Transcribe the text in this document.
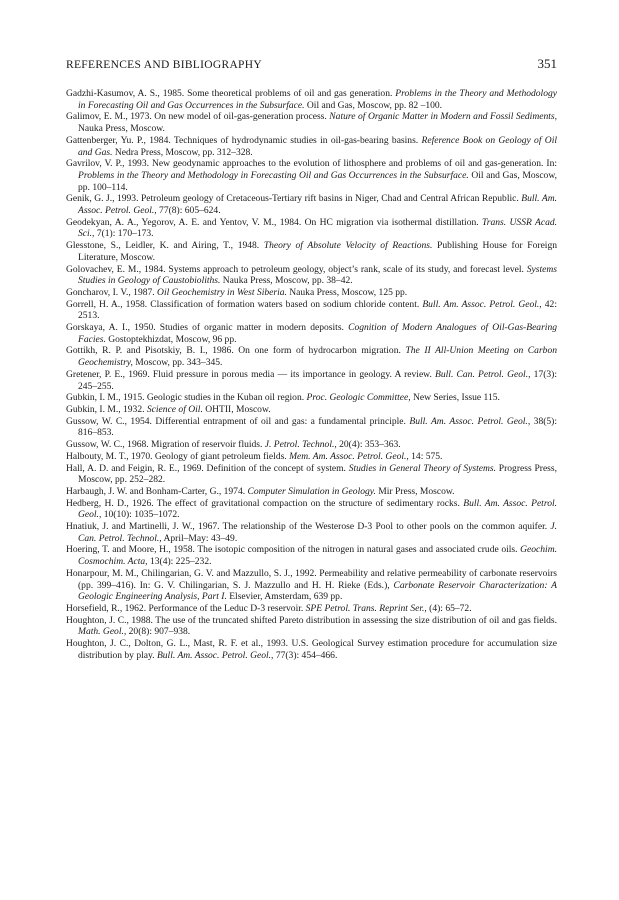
REFERENCES AND BIBLIOGRAPHY	351

Gadzhi-Kasumov, A. S., 1985. Some theoretical problems of oil and gas generation. Problems in the Theory and Methodology in Forecasting Oil and Gas Occurrences in the Subsurface. Oil and Gas, Moscow, pp. 82 –100.

Galimov, E. M., 1973. On new model of oil-gas-generation process. Nature of Organic Matter in Modern and Fossil Sediments, Nauka Press, Moscow.

Gattenberger, Yu. P., 1984. Techniques of hydrodynamic studies in oil-gas-bearing basins. Reference Book on Geology of Oil and Gas. Nedra Press, Moscow, pp. 312–328.

Gavrilov, V. P., 1993. New geodynamic approaches to the evolution of lithosphere and problems of oil and gas-generation. In: Problems in the Theory and Methodology in Forecasting Oil and Gas Occurrences in the Subsurface. Oil and Gas, Moscow, pp. 100–114.

Genik, G. J., 1993. Petroleum geology of Cretaceous-Tertiary rift basins in Niger, Chad and Central African Republic. Bull. Am. Assoc. Petrol. Geol., 77(8): 605–624.

Geodekyan, A. A., Yegorov, A. E. and Yentov, V. M., 1984. On HC migration via isothermal distillation. Trans. USSR Acad. Sci., 7(1): 170–173.

Glesstone, S., Leidler, K. and Airing, T., 1948. Theory of Absolute Velocity of Reactions. Publishing House for Foreign Literature, Moscow.

Golovachev, E. M., 1984. Systems approach to petroleum geology, object’s rank, scale of its study, and forecast level. Systems Studies in Geology of Caustobioliths. Nauka Press, Moscow, pp. 38–42.

Goncharov, I. V., 1987. Oil Geochemistry in West Siberia. Nauka Press, Moscow, 125 pp.

Gorrell, H. A., 1958. Classification of formation waters based on sodium chloride content. Bull. Am. Assoc. Petrol. Geol., 42: 2513.

Gorskaya, A. I., 1950. Studies of organic matter in modern deposits. Cognition of Modern Analogues of Oil-Gas-Bearing Facies. Gostoptekhizdat, Moscow, 96 pp.

Gottikh, R. P. and Pisotskiy, B. I., 1986. On one form of hydrocarbon migration. The II All-Union Meeting on Carbon Geochemistry, Moscow, pp. 343–345.

Gretener, P. E., 1969. Fluid pressure in porous media — its importance in geology. A review. Bull. Can. Petrol. Geol., 17(3): 245–255.

Gubkin, I. M., 1915. Geologic studies in the Kuban oil region. Proc. Geologic Committee, New Series, Issue 115.

Gubkin, I. M., 1932. Science of Oil. OHTII, Moscow.

Gussow, W. C., 1954. Differential entrapment of oil and gas: a fundamental principle. Bull. Am. Assoc. Petrol. Geol., 38(5): 816–853.

Gussow, W. C., 1968. Migration of reservoir fluids. J. Petrol. Technol., 20(4): 353–363.

Halbouty, M. T., 1970. Geology of giant petroleum fields. Mem. Am. Assoc. Petrol. Geol., 14: 575.

Hall, A. D. and Feigin, R. E., 1969. Definition of the concept of system. Studies in General Theory of Systems. Progress Press, Moscow, pp. 252–282.

Harbaugh, J. W. and Bonham-Carter, G., 1974. Computer Simulation in Geology. Mir Press, Moscow.

Hedberg, H. D., 1926. The effect of gravitational compaction on the structure of sedimentary rocks. Bull. Am. Assoc. Petrol. Geol., 10(10): 1035–1072.

Hnatiuk, J. and Martinelli, J. W., 1967. The relationship of the Westerose D-3 Pool to other pools on the common aquifer. J. Can. Petrol. Technol., April–May: 43–49.

Hoering, T. and Moore, H., 1958. The isotopic composition of the nitrogen in natural gases and associated crude oils. Geochim. Cosmochim. Acta, 13(4): 225–232.

Honarpour, M. M., Chilingarian, G. V. and Mazzullo, S. J., 1992. Permeability and relative permeability of carbonate reservoirs (pp. 399–416). In: G. V. Chilingarian, S. J. Mazzullo and H. H. Rieke (Eds.), Carbonate Reservoir Characterization: A Geologic Engineering Analysis, Part I. Elsevier, Amsterdam, 639 pp.

Horsefield, R., 1962. Performance of the Leduc D-3 reservoir. SPE Petrol. Trans. Reprint Ser., (4): 65–72.

Houghton, J. C., 1988. The use of the truncated shifted Pareto distribution in assessing the size distribution of oil and gas fields. Math. Geol., 20(8): 907–938.

Houghton, J. C., Dolton, G. L., Mast, R. F. et al., 1993. U.S. Geological Survey estimation procedure for accumulation size distribution by play. Bull. Am. Assoc. Petrol. Geol., 77(3): 454–466.
